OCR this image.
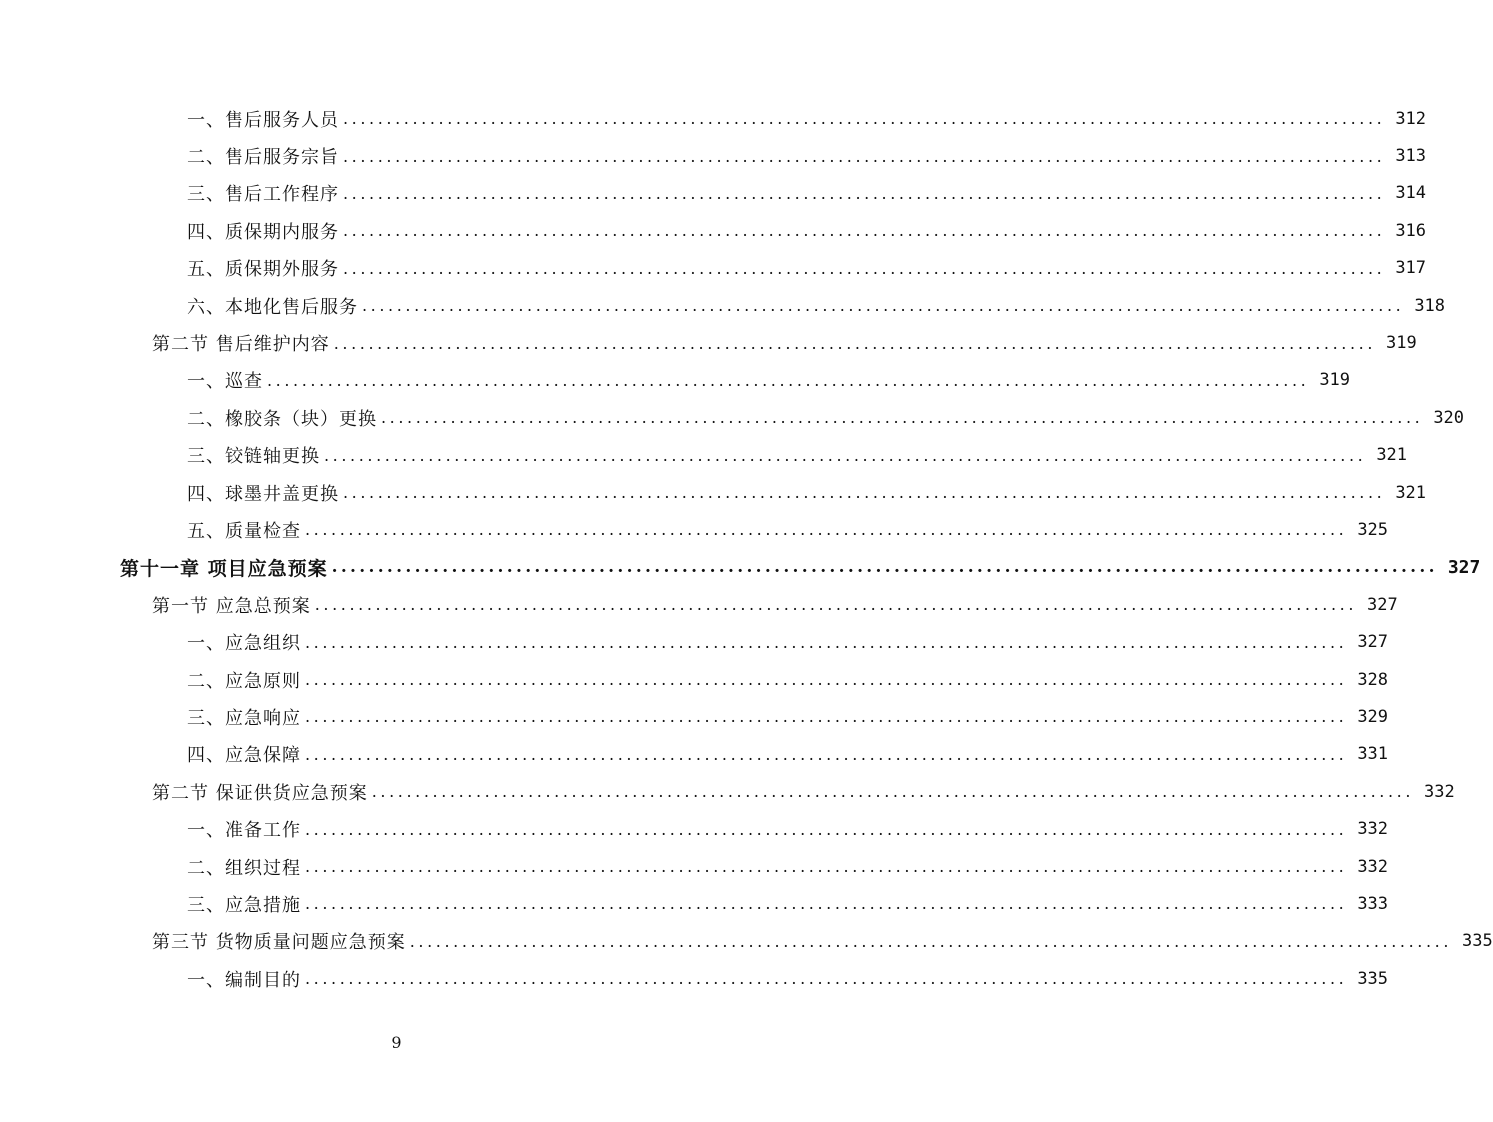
一、售后服务人员 ........................................................................................................................ 312
二、售后服务宗旨 ........................................................................................................................ 313
三、售后工作程序 ........................................................................................................................ 314
四、质保期内服务 ........................................................................................................................ 316
五、质保期外服务 ........................................................................................................................ 317
六、本地化售后服务 ........................................................................................................................ 318
第二节 售后维护内容 ........................................................................................................................ 319
一、巡查 ........................................................................................................................ 319
二、橡胶条（块）更换 ........................................................................................................................ 320
三、铰链轴更换 ........................................................................................................................ 321
四、球墨井盖更换 ........................................................................................................................ 321
五、质量检查 ........................................................................................................................ 325
第十一章 项目应急预案 ........................................................................................................................ 327
第一节 应急总预案 ........................................................................................................................ 327
一、应急组织 ........................................................................................................................ 327
二、应急原则 ........................................................................................................................ 328
三、应急响应 ........................................................................................................................ 329
四、应急保障 ........................................................................................................................ 331
第二节 保证供货应急预案 ........................................................................................................................ 332
一、准备工作 ........................................................................................................................ 332
二、组织过程 ........................................................................................................................ 332
三、应急措施 ........................................................................................................................ 333
第三节 货物质量问题应急预案 ........................................................................................................................ 335
一、编制目的 ........................................................................................................................ 335
9
